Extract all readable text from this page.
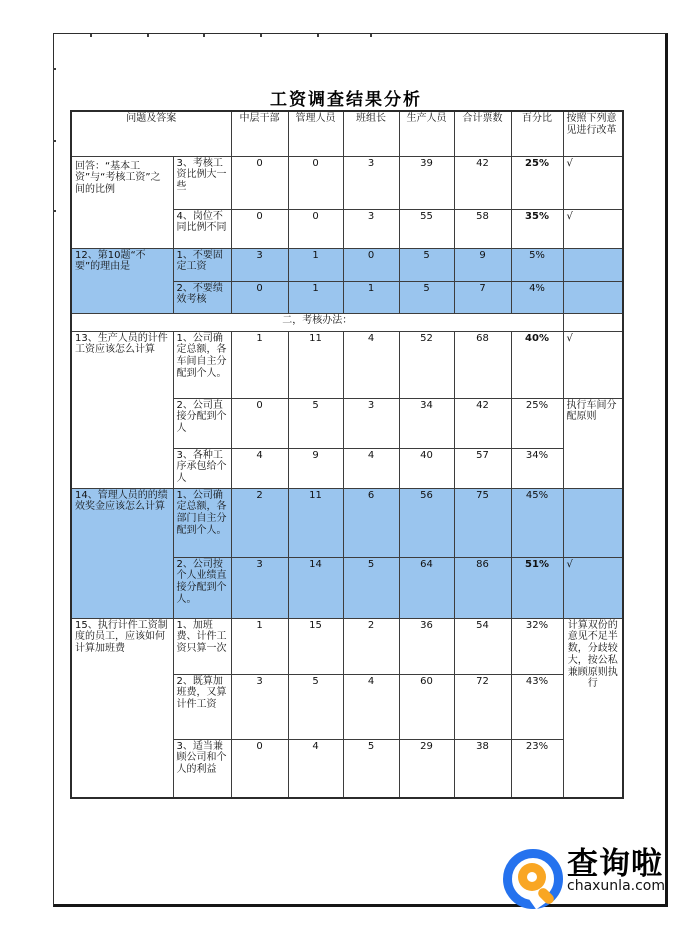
工资调查结果分析
问题及答案		中层干部	管理人员	班组长	生产人员	合计票数	百分比	按照下列意见进行改革
回答：“基本工资”与“考核工资”之间的比例	3、考核工资比例大一些	0	0	3	39	42	25%	√
	4、岗位不同比例不同	0	0	3	55	58	35%	√
12、第10题“不要”的理由是	1、不要固定工资	3	1	0	5	9	5%	
	2、不要绩效考核	0	1	1	5	7	4%	
二，考核办法：								
13、生产人员的计件工资应该怎么计算	1、公司确定总额，各车间自主分配到个人。	1	11	4	52	68	40%	√
	2、公司直接分配到个人	0	5	3	34	42	25%	执行车间分配原则
	3、各种工序承包给个人	4	9	4	40	57	34%	
14、管理人员的的绩效奖金应该怎么计算	1、公司确定总额，各部门自主分配到个人。	2	11	6	56	75	45%	
	2、公司按个人业绩直接分配到个人。	3	14	5	64	86	51%	√
15、执行计件工资制度的员工，应该如何计算加班费	1、加班费、计件工资只算一次	1	15	2	36	54	32%	计算双份的意见不足半数，分歧较大，按公私兼顾原则执行
	2、既算加班费，又算计件工资	3	5	4	60	72	43%	
	3、适当兼顾公司和个人的利益	0	4	5	29	38	23%	
查询啦
chaxunla.com
